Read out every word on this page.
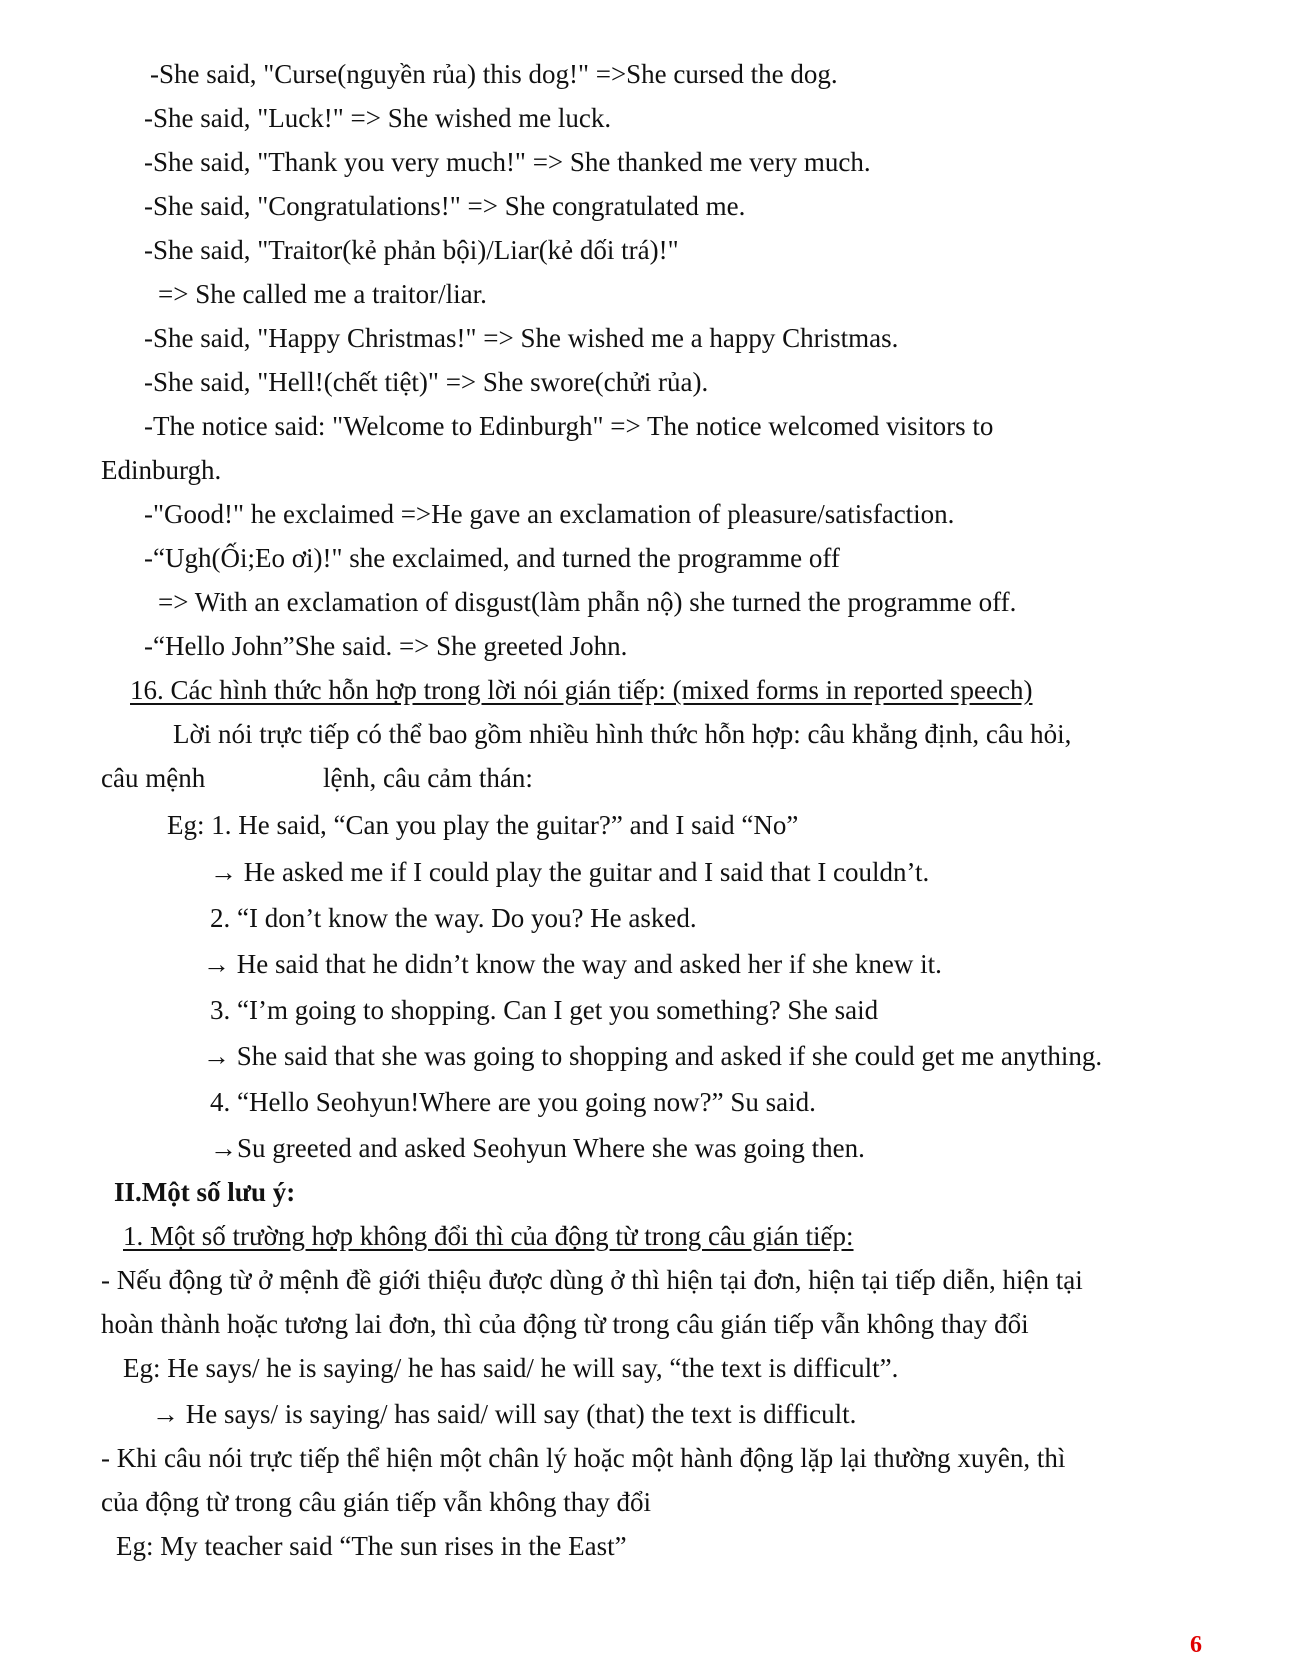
-She said, "Curse(nguyền rủa) this dog!" =>She cursed the dog.
-She said, "Luck!" => She wished me luck.
-She said, "Thank you very much!" => She thanked me very much.
-She said, "Congratulations!" => She congratulated me.
-She said, "Traitor(kẻ phản bội)/Liar(kẻ dối trá)!"
=> She called me a traitor/liar.
-She said, "Happy Christmas!" => She wished me a happy Christmas.
-She said, "Hell!(chết tiệt)" => She swore(chửi rủa).
-The notice said: "Welcome to Edinburgh" => The notice welcomed visitors to
Edinburgh.
-"Good!" he exclaimed =>He gave an exclamation of pleasure/satisfaction.
-“Ugh(Ối;Eo ơi)!" she exclaimed, and turned the programme off
=> With an exclamation of disgust(làm phẫn nộ) she turned the programme off.
-“Hello John”She said. => She greeted John.
16. Các hình thức hỗn hợp trong lời nói gián tiếp: (mixed forms in reported speech)
Lời nói trực tiếp có thể bao gồm nhiều hình thức hỗn hợp: câu khẳng định, câu hỏi,
câu mệnh	lệnh, câu cảm thán:
Eg: 1. He said, “Can you play the guitar?” and I said “No”
→ He asked me if I could play the guitar and I said that I couldn’t.
2. “I don’t know the way. Do you? He asked.
→ He said that he didn’t know the way and asked her if she knew it.
3. “I’m going to shopping. Can I get you something? She said
→ She said that she was going to shopping and asked if she could get me anything.
4. “Hello Seohyun!Where are you going now?” Su said.
→Su greeted and asked Seohyun Where she was going then.
II.Một số lưu ý:
1. Một số trường hợp không đổi thì của động từ trong câu gián tiếp:
- Nếu động từ ở mệnh đề giới thiệu được dùng ở thì hiện tại đơn, hiện tại tiếp diễn, hiện tại
hoàn thành hoặc tương lai đơn, thì của động từ trong câu gián tiếp vẫn không thay đổi
Eg: He says/ he is saying/ he has said/ he will say, “the text is difficult”.
→ He says/ is saying/ has said/ will say (that) the text is difficult.
- Khi câu nói trực tiếp thể hiện một chân lý hoặc một hành động lặp lại thường xuyên, thì
của động từ trong câu gián tiếp vẫn không thay đổi
Eg: My teacher said “The sun rises in the East”
6
